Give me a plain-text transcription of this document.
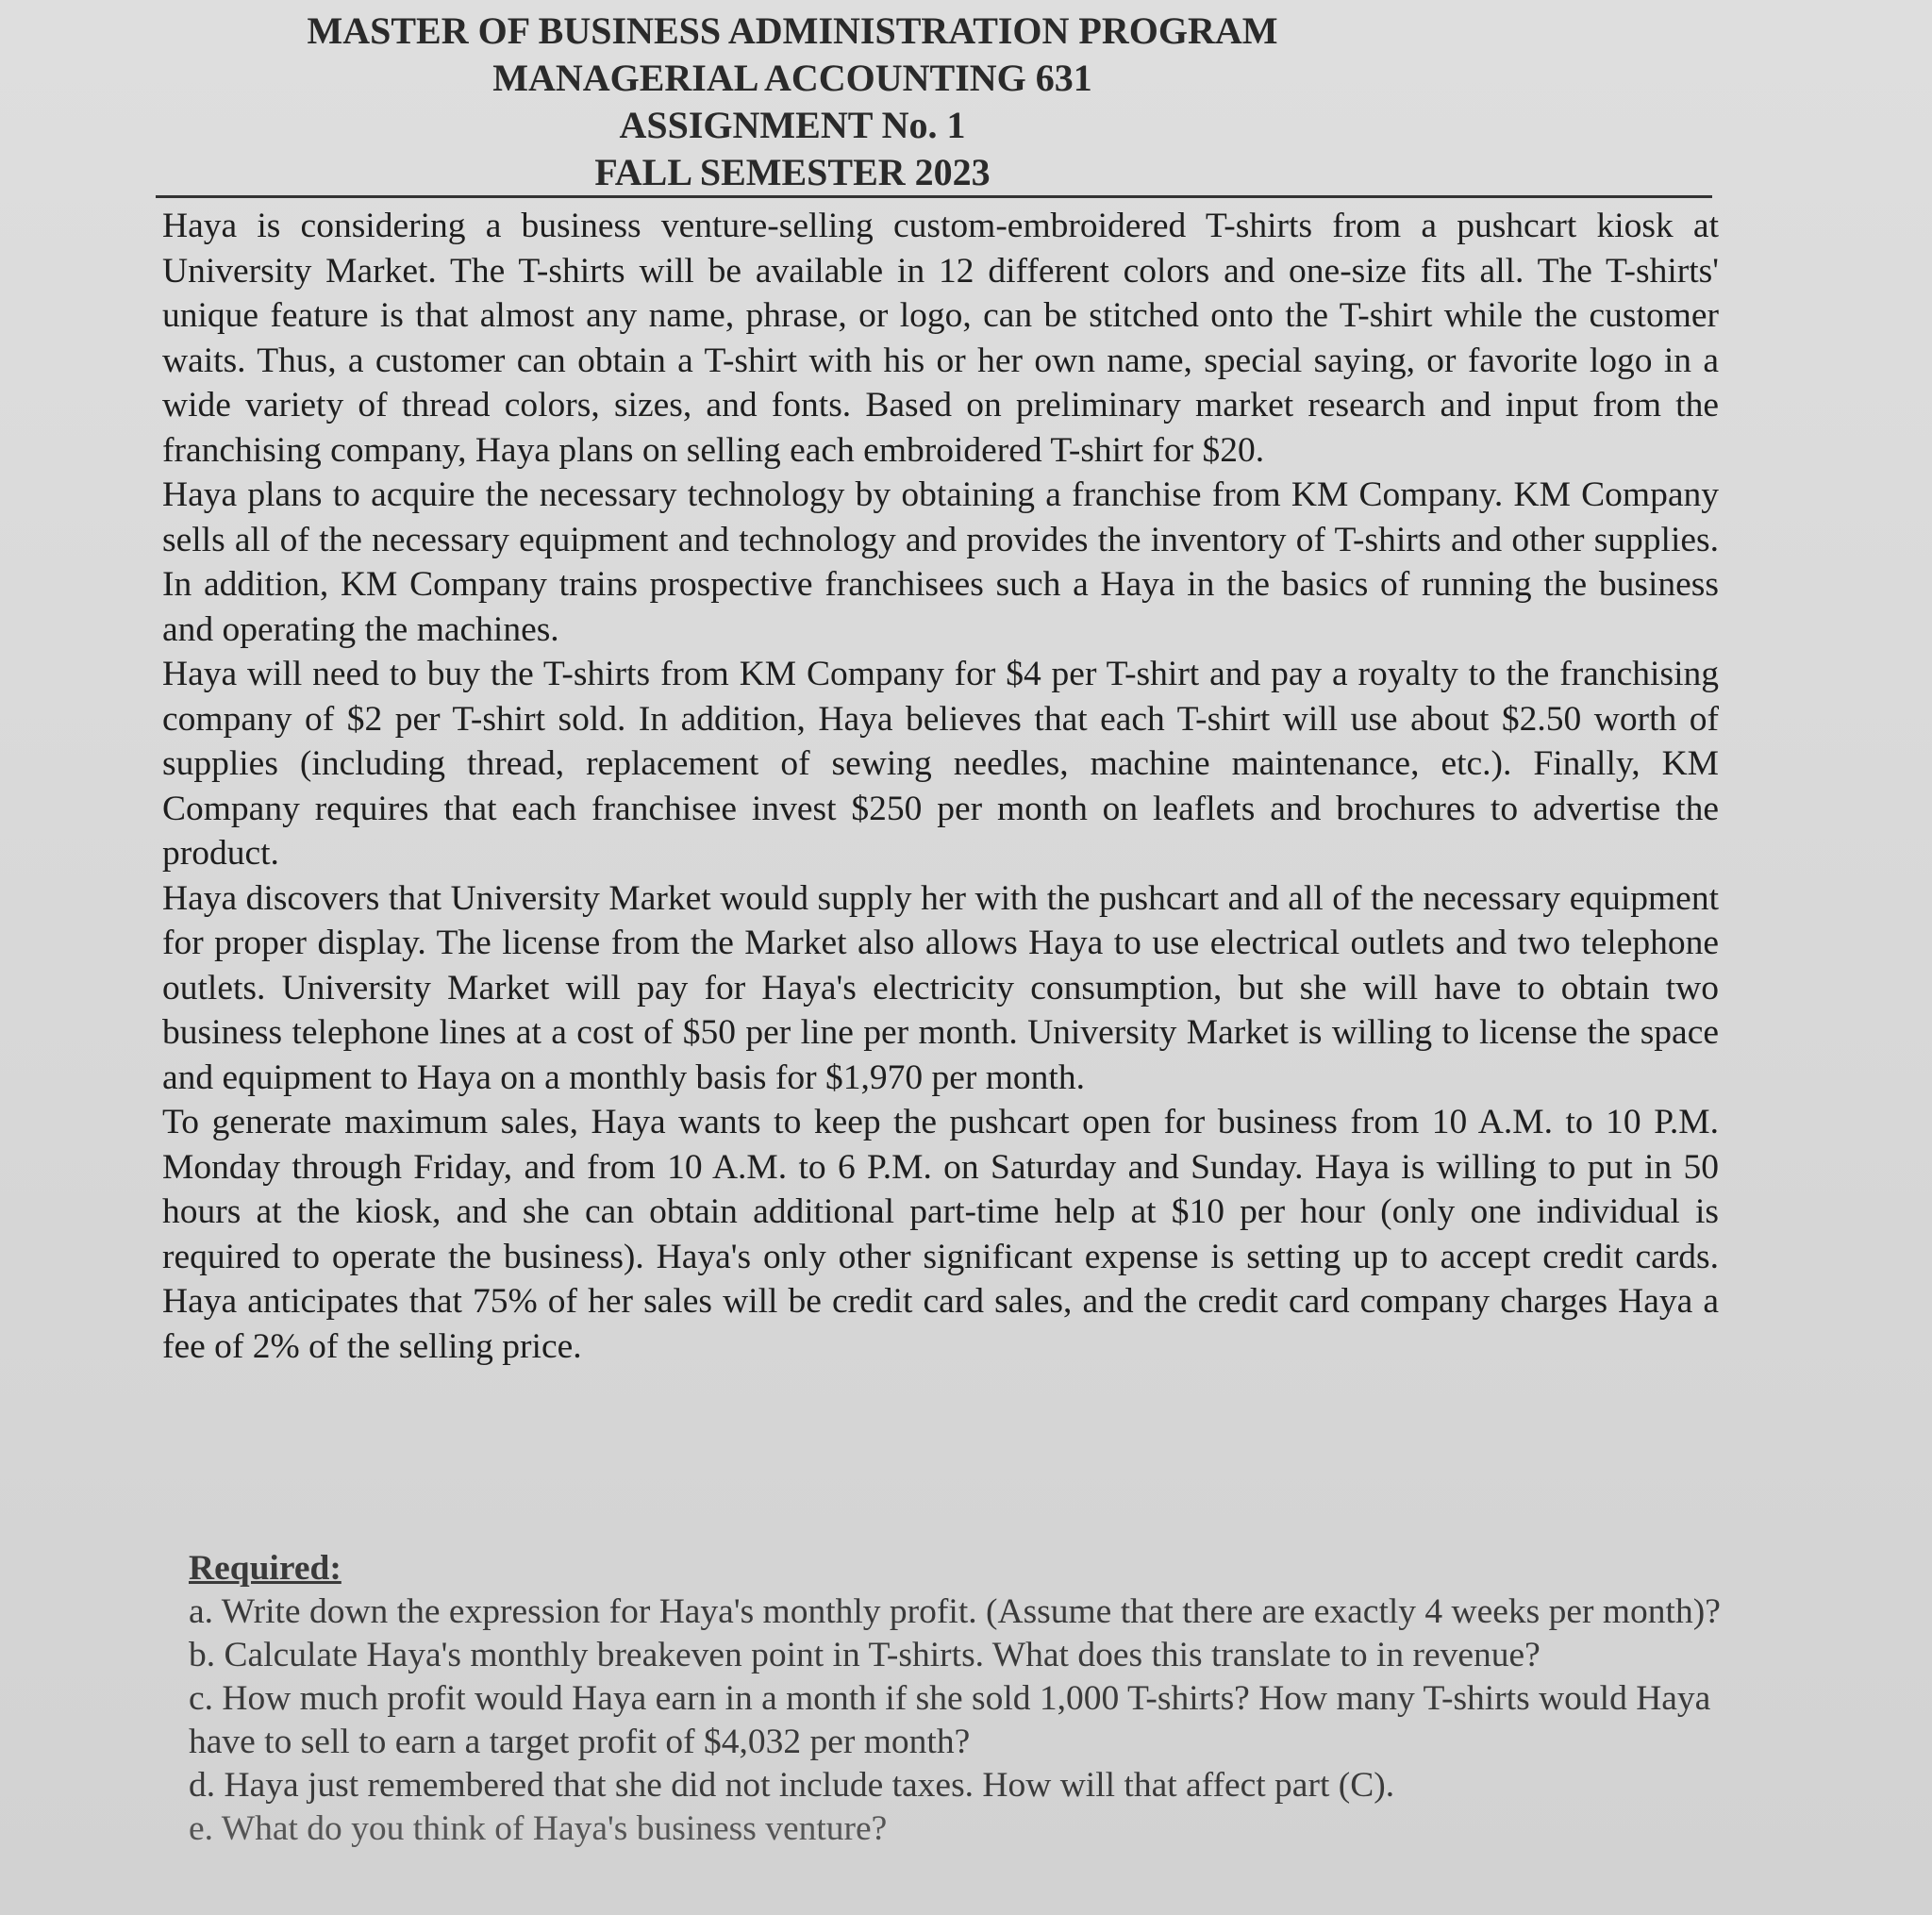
MASTER OF BUSINESS ADMINISTRATION PROGRAM
MANAGERIAL ACCOUNTING 631
ASSIGNMENT No. 1
FALL SEMESTER 2023

Haya is considering a business venture-selling custom-embroidered T-shirts from a pushcart kiosk at University Market. The T-shirts will be available in 12 different colors and one-size fits all. The T-shirts' unique feature is that almost any name, phrase, or logo, can be stitched onto the T-shirt while the customer waits. Thus, a customer can obtain a T-shirt with his or her own name, special saying, or favorite logo in a wide variety of thread colors, sizes, and fonts. Based on preliminary market research and input from the franchising company, Haya plans on selling each embroidered T-shirt for $20.

Haya plans to acquire the necessary technology by obtaining a franchise from KM Company. KM Company sells all of the necessary equipment and technology and provides the inventory of T-shirts and other supplies. In addition, KM Company trains prospective franchisees such a Haya in the basics of running the business and operating the machines.

Haya will need to buy the T-shirts from KM Company for $4 per T-shirt and pay a royalty to the franchising company of $2 per T-shirt sold. In addition, Haya believes that each T-shirt will use about $2.50 worth of supplies (including thread, replacement of sewing needles, machine maintenance, etc.). Finally, KM Company requires that each franchisee invest $250 per month on leaflets and brochures to advertise the product.

Haya discovers that University Market would supply her with the pushcart and all of the necessary equipment for proper display. The license from the Market also allows Haya to use electrical outlets and two telephone outlets. University Market will pay for Haya's electricity consumption, but she will have to obtain two business telephone lines at a cost of $50 per line per month. University Market is willing to license the space and equipment to Haya on a monthly basis for $1,970 per month.

To generate maximum sales, Haya wants to keep the pushcart open for business from 10 A.M. to 10 P.M. Monday through Friday, and from 10 A.M. to 6 P.M. on Saturday and Sunday. Haya is willing to put in 50 hours at the kiosk, and she can obtain additional part-time help at $10 per hour (only one individual is required to operate the business). Haya's only other significant expense is setting up to accept credit cards. Haya anticipates that 75% of her sales will be credit card sales, and the credit card company charges Haya a fee of 2% of the selling price.

Required:

a. Write down the expression for Haya's monthly profit. (Assume that there are exactly 4 weeks per month)?

b. Calculate Haya's monthly breakeven point in T-shirts. What does this translate to in revenue?

c. How much profit would Haya earn in a month if she sold 1,000 T-shirts? How many T-shirts would Haya have to sell to earn a target profit of $4,032 per month?

d. Haya just remembered that she did not include taxes. How will that affect part (C).

e. What do you think of Haya's business venture?
